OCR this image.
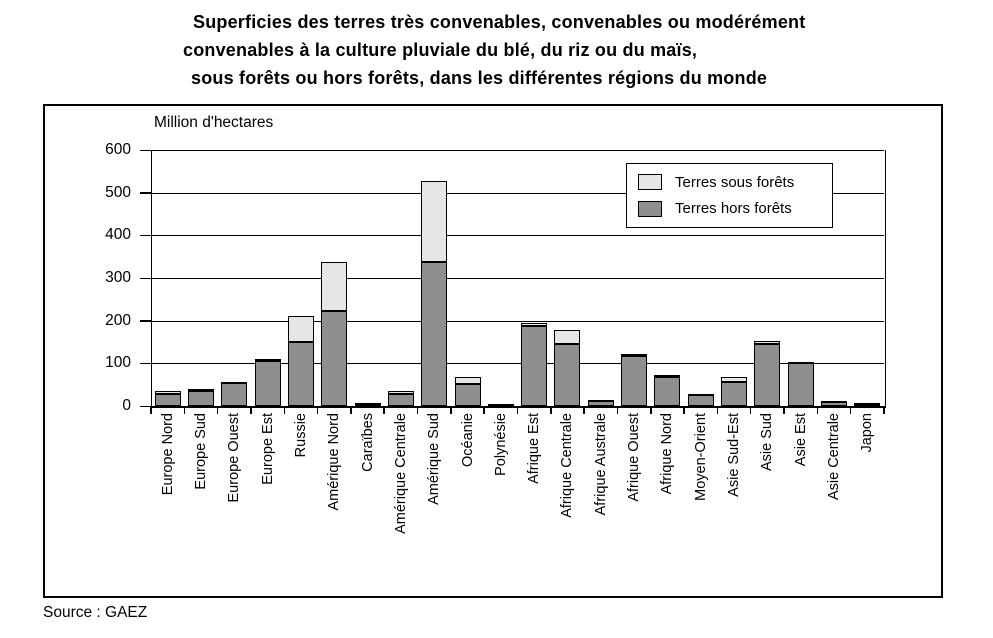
Superficies des terres très convenables, convenables ou modérément
convenables à la culture pluviale du blé, du riz ou du maïs,
sous forêts ou hors forêts, dans les différentes régions du monde
Million d'hectares
Terres sous forêts
Terres hors forêts
Source : GAEZ
0
100
200
300
400
500
600
Europe Nord Europe Sud Europe Ouest Europe Est Russie Amérique Nord Caraïbes Amérique Centrale Amérique Sud Océanie Polynésie Afrique Est Afrique Centrale Afrique Australe Afrique Ouest Afrique Nord Moyen-Orient Asie Sud-Est Asie Sud Asie Est Asie Centrale Japon
